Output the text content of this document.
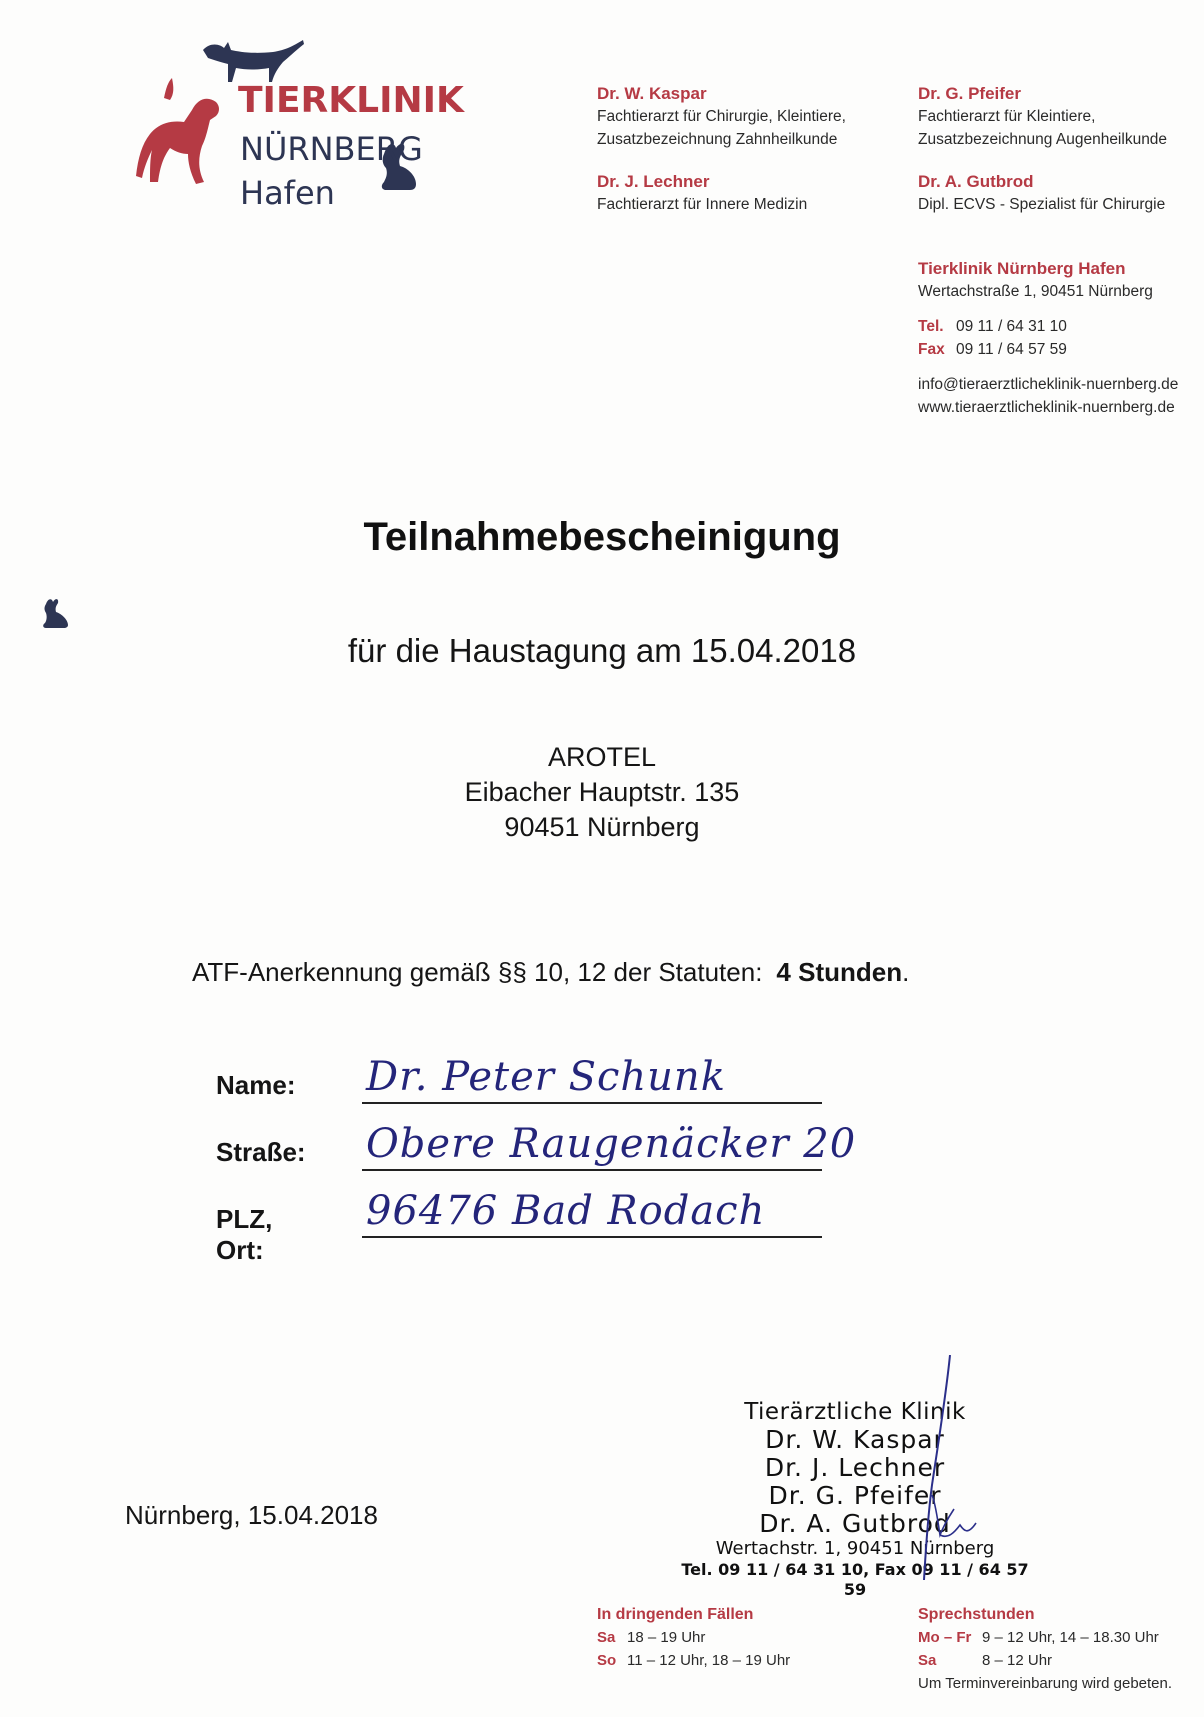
TIERKLINIK
NÜRNBERG
Hafen
Dr. W. Kaspar
Fachtierarzt für Chirurgie, Kleintiere,
Zusatzbezeichnung Zahnheilkunde
Dr. G. Pfeifer
Fachtierarzt für Kleintiere,
Zusatzbezeichnung Augenheilkunde
Dr. J. Lechner
Fachtierarzt für Innere Medizin
Dr. A. Gutbrod
Dipl. ECVS - Spezialist für Chirurgie
Tierklinik Nürnberg Hafen
Wertachstraße 1, 90451 Nürnberg
Tel. 09 11 / 64 31 10
Fax 09 11 / 64 57 59
info@tieraerztlicheklinik-nuernberg.de
www.tieraerztlicheklinik-nuernberg.de
Teilnahmebescheinigung
für die Haustagung am 15.04.2018
AROTEL
Eibacher Hauptstr. 135
90451 Nürnberg
ATF-Anerkennung gemäß §§ 10, 12 der Statuten: 4 Stunden.
Name: Dr. Peter Schunk
Straße: Obere Raugenäcker 20
PLZ, Ort:
96476 Bad Rodach
Nürnberg, 15.04.2018
Tierärztliche Klinik
Dr. W. Kaspar
Dr. J. Lechner
Dr. G. Pfeifer
Dr. A. Gutbrod
Wertachstr. 1, 90451 Nürnberg
Tel. 09 11 / 64 31 10, Fax 09 11 / 64 57 59
In dringenden Fällen
Sa 18 – 19 Uhr
So 11 – 12 Uhr, 18 – 19 Uhr
Sprechstunden
Mo – Fr 9 – 12 Uhr, 14 – 18.30 Uhr
Sa	8 – 12 Uhr
Um Terminvereinbarung wird gebeten.
